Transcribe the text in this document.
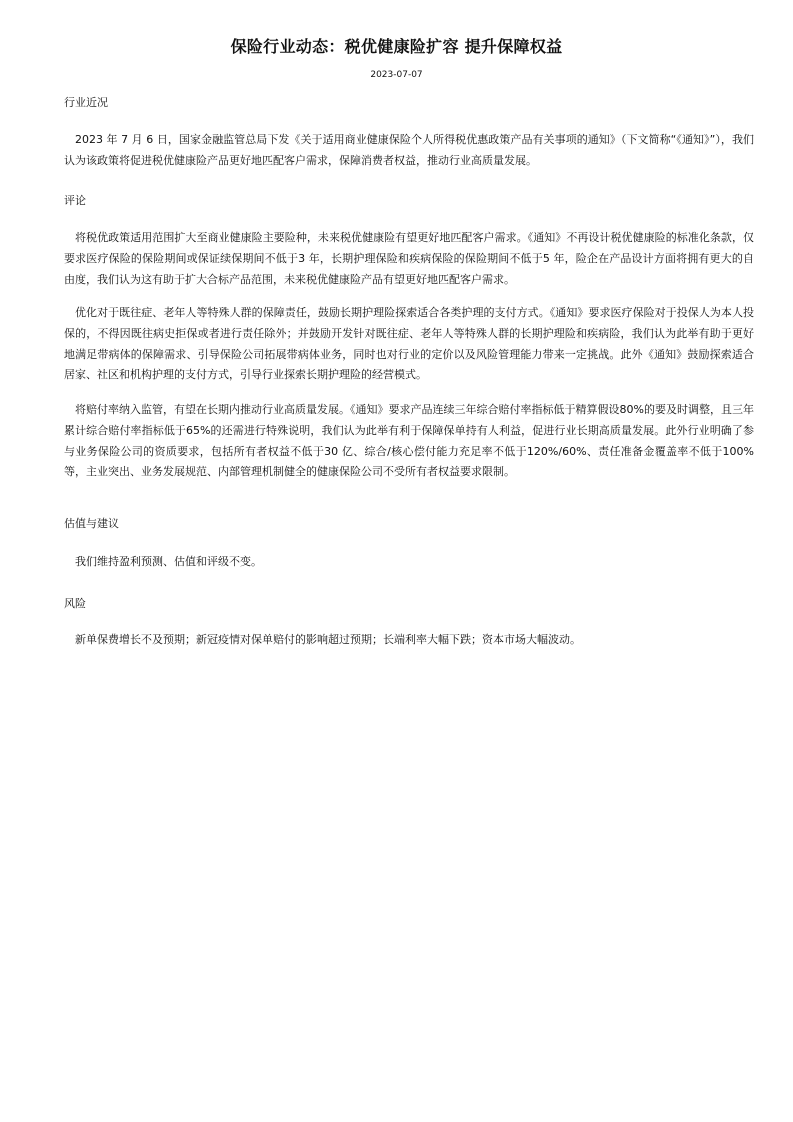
保险行业动态：税优健康险扩容 提升保障权益
2023-07-07
行业近况
2023 年 7 月 6 日，国家金融监管总局下发《关于适用商业健康保险个人所得税优惠政策产品有关事项的通知》（下文简称“《通知》”），我们认为该政策将促进税优健康险产品更好地匹配客户需求，保障消费者权益，推动行业高质量发展。
评论
将税优政策适用范围扩大至商业健康险主要险种，未来税优健康险有望更好地匹配客户需求。《通知》不再设计税优健康险的标准化条款，仅要求医疗保险的保险期间或保证续保期间不低于3 年，长期护理保险和疾病保险的保险期间不低于5 年，险企在产品设计方面将拥有更大的自由度，我们认为这有助于扩大合标产品范围，未来税优健康险产品有望更好地匹配客户需求。
优化对于既往症、老年人等特殊人群的保障责任，鼓励长期护理险探索适合各类护理的支付方式。《通知》要求医疗保险对于投保人为本人投保的，不得因既往病史拒保或者进行责任除外；并鼓励开发针对既往症、老年人等特殊人群的长期护理险和疾病险，我们认为此举有助于更好地满足带病体的保障需求、引导保险公司拓展带病体业务，同时也对行业的定价以及风险管理能力带来一定挑战。此外《通知》鼓励探索适合居家、社区和机构护理的支付方式，引导行业探索长期护理险的经营模式。
将赔付率纳入监管，有望在长期内推动行业高质量发展。《通知》要求产品连续三年综合赔付率指标低于精算假设80%的要及时调整，且三年累计综合赔付率指标低于65%的还需进行特殊说明，我们认为此举有利于保障保单持有人利益，促进行业长期高质量发展。此外行业明确了参与业务保险公司的资质要求，包括所有者权益不低于30 亿、综合/核心偿付能力充足率不低于120%/60%、责任准备金覆盖率不低于100%等，主业突出、业务发展规范、内部管理机制健全的健康保险公司不受所有者权益要求限制。
估值与建议
我们维持盈利预测、估值和评级不变。
风险
新单保费增长不及预期；新冠疫情对保单赔付的影响超过预期；长端利率大幅下跌；资本市场大幅波动。
